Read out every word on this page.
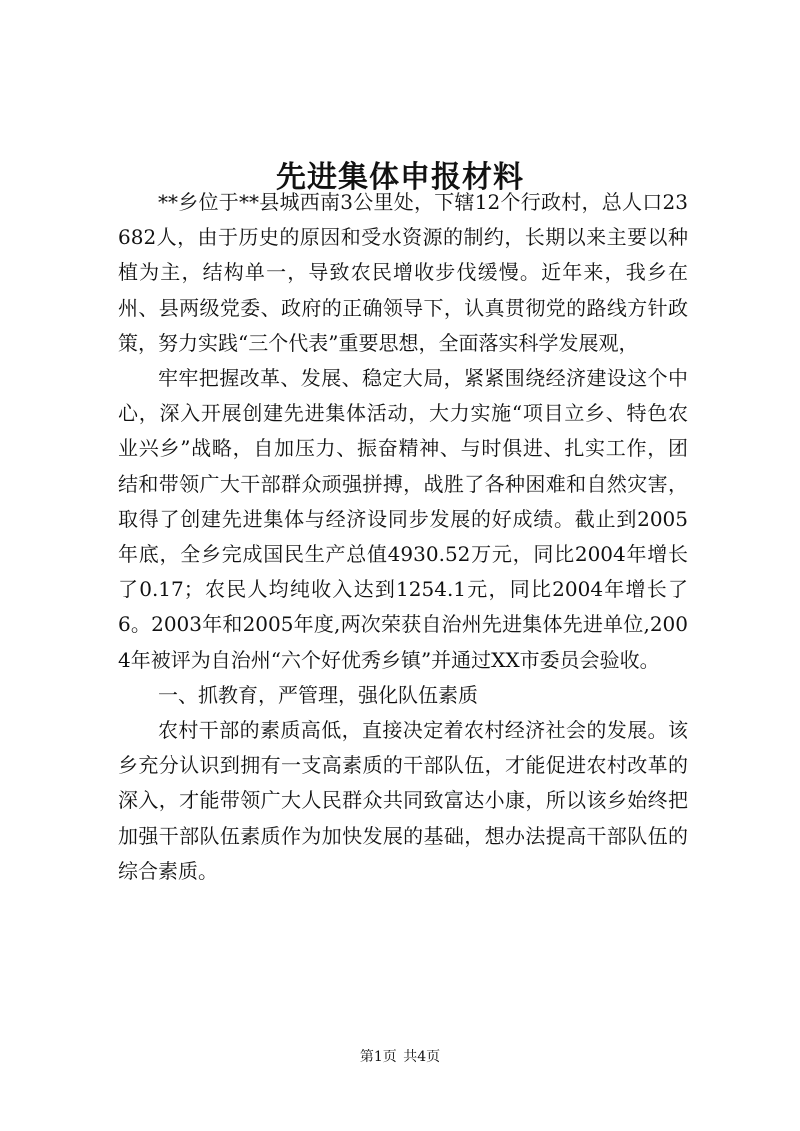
先进集体申报材料

**乡位于**县城西南3公里处，下辖12个行政村，总人口23682人，由于历史的原因和受水资源的制约，长期以来主要以种植为主，结构单一，导致农民增收步伐缓慢。近年来，我乡在州、县两级党委、政府的正确领导下，认真贯彻党的路线方针政策，努力实践“三个代表”重要思想，全面落实科学发展观，

牢牢把握改革、发展、稳定大局，紧紧围绕经济建设这个中心，深入开展创建先进集体活动，大力实施“项目立乡、特色农业兴乡”战略，自加压力、振奋精神、与时俱进、扎实工作，团结和带领广大干部群众顽强拼搏，战胜了各种困难和自然灾害，取得了创建先进集体与经济设同步发展的好成绩。截止到2005年底，全乡完成国民生产总值4930.52万元，同比2004年增长了0.17；农民人均纯收入达到1254.1元，同比2004年增长了6。2003年和2005年度,两次荣获自治州先进集体先进单位,2004年被评为自治州“六个好优秀乡镇”并通过XX市委员会验收。

一、抓教育，严管理，强化队伍素质

农村干部的素质高低，直接决定着农村经济社会的发展。该乡充分认识到拥有一支高素质的干部队伍，才能促进农村改革的深入，才能带领广大人民群众共同致富达小康，所以该乡始终把加强干部队伍素质作为加快发展的基础，想办法提高干部队伍的综合素质。

第1页 共4页
